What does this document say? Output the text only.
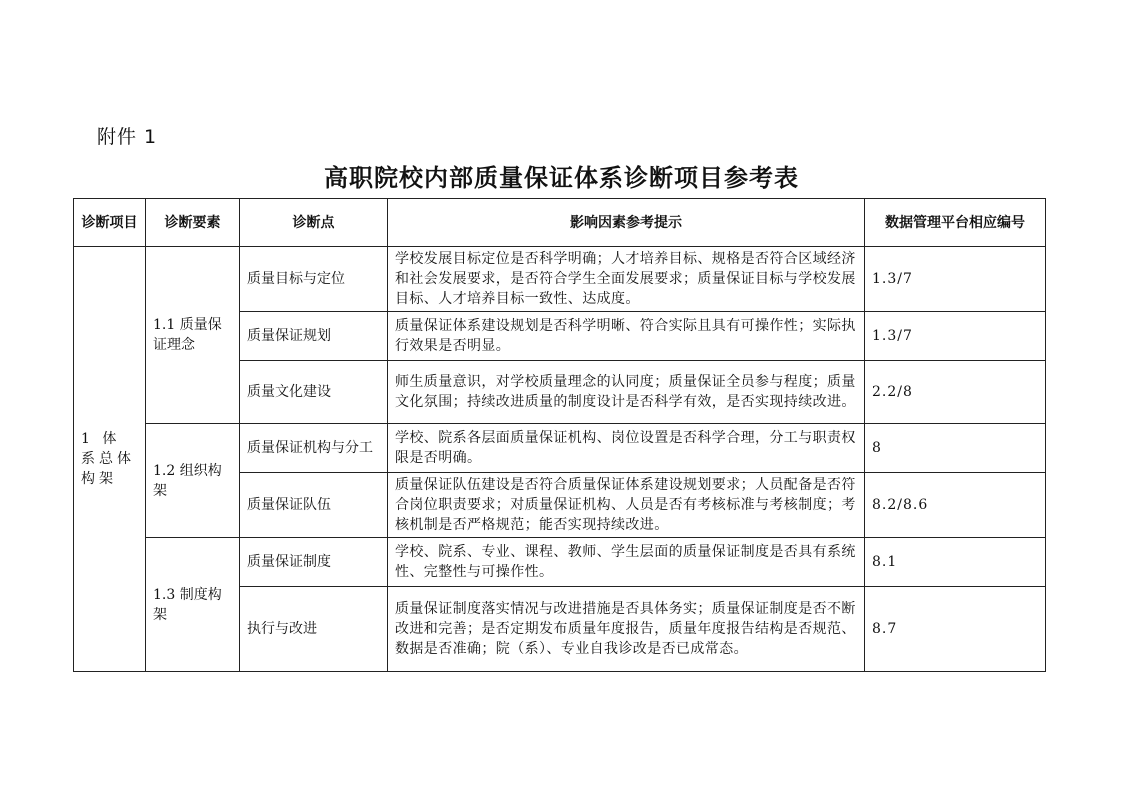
附件 1
高职院校内部质量保证体系诊断项目参考表
诊断项目	诊断要素	诊断点	影响因素参考提示	数据管理平台相应编号
1 体系总体构架	1.1 质量保证理念	质量目标与定位	学校发展目标定位是否科学明确；人才培养目标、规格是否符合区域经济和社会发展要求，是否符合学生全面发展要求；质量保证目标与学校发展目标、人才培养目标一致性、达成度。	1.3/7
		质量保证规划	质量保证体系建设规划是否科学明晰、符合实际且具有可操作性；实际执行效果是否明显。	1.3/7
		质量文化建设	师生质量意识，对学校质量理念的认同度；质量保证全员参与程度；质量文化氛围；持续改进质量的制度设计是否科学有效，是否实现持续改进。	2.2/8
	1.2 组织构架	质量保证机构与分工	学校、院系各层面质量保证机构、岗位设置是否科学合理，分工与职责权限是否明确。	8
		质量保证队伍	质量保证队伍建设是否符合质量保证体系建设规划要求；人员配备是否符合岗位职责要求；对质量保证机构、人员是否有考核标准与考核制度；考核机制是否严格规范；能否实现持续改进。	8.2/8.6
	1.3 制度构架	质量保证制度	学校、院系、专业、课程、教师、学生层面的质量保证制度是否具有系统性、完整性与可操作性。	8.1
		执行与改进	质量保证制度落实情况与改进措施是否具体务实；质量保证制度是否不断改进和完善；是否定期发布质量年度报告，质量年度报告结构是否规范、数据是否准确；院（系）、专业自我诊改是否已成常态。	8.7
